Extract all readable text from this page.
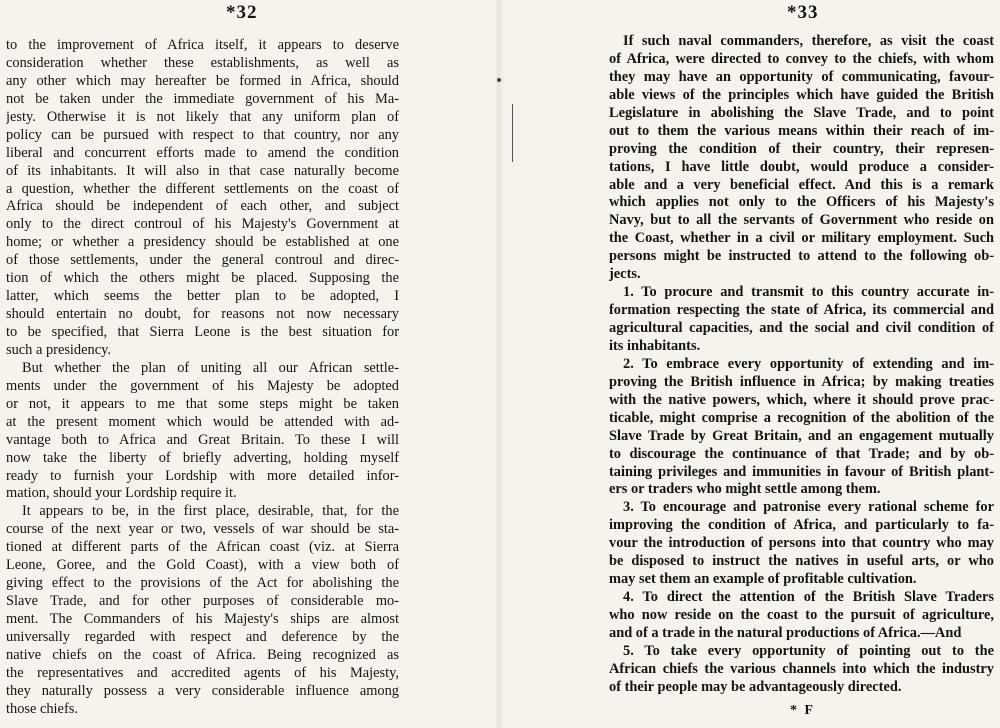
*32
to the improvement of Africa itself, it appears to deserve
consideration whether these establishments, as well as
any other which may hereafter be formed in Africa, should
not be taken under the immediate government of his Ma-
jesty. Otherwise it is not likely that any uniform plan of
policy can be pursued with respect to that country, nor any
liberal and concurrent efforts made to amend the condition
of its inhabitants. It will also in that case naturally become
a question, whether the different settlements on the coast of
Africa should be independent of each other, and subject
only to the direct controul of his Majesty's Government at
home; or whether a presidency should be established at one
of those settlements, under the general controul and direc-
tion of which the others might be placed. Supposing the
latter, which seems the better plan to be adopted, I
should entertain no doubt, for reasons not now necessary
to be specified, that Sierra Leone is the best situation for
such a presidency.
But whether the plan of uniting all our African settle-
ments under the government of his Majesty be adopted
or not, it appears to me that some steps might be taken
at the present moment which would be attended with ad-
vantage both to Africa and Great Britain. To these I will
now take the liberty of briefly adverting, holding myself
ready to furnish your Lordship with more detailed infor-
mation, should your Lordship require it.
It appears to be, in the first place, desirable, that, for the
course of the next year or two, vessels of war should be sta-
tioned at different parts of the African coast (viz. at Sierra
Leone, Goree, and the Gold Coast), with a view both of
giving effect to the provisions of the Act for abolishing the
Slave Trade, and for other purposes of considerable mo-
ment. The Commanders of his Majesty's ships are almost
universally regarded with respect and deference by the
native chiefs on the coast of Africa. Being recognized as
the representatives and accredited agents of his Majesty,
they naturally possess a very considerable influence among
those chiefs.
*33
If such naval commanders, therefore, as visit the coast
of Africa, were directed to convey to the chiefs, with whom
they may have an opportunity of communicating, favour-
able views of the principles which have guided the British
Legislature in abolishing the Slave Trade, and to point
out to them the various means within their reach of im-
proving the condition of their country, their represen-
tations, I have little doubt, would produce a consider-
able and a very beneficial effect. And this is a remark
which applies not only to the Officers of his Majesty's
Navy, but to all the servants of Government who reside on
the Coast, whether in a civil or military employment. Such
persons might be instructed to attend to the following ob-
jects.
1. To procure and transmit to this country accurate in-
formation respecting the state of Africa, its commercial and
agricultural capacities, and the social and civil condition of
its inhabitants.
2. To embrace every opportunity of extending and im-
proving the British influence in Africa; by making treaties
with the native powers, which, where it should prove prac-
ticable, might comprise a recognition of the abolition of the
Slave Trade by Great Britain, and an engagement mutually
to discourage the continuance of that Trade; and by ob-
taining privileges and immunities in favour of British plant-
ers or traders who might settle among them.
3. To encourage and patronise every rational scheme for
improving the condition of Africa, and particularly to fa-
vour the introduction of persons into that country who may
be disposed to instruct the natives in useful arts, or who
may set them an example of profitable cultivation.
4. To direct the attention of the British Slave Traders
who now reside on the coast to the pursuit of agriculture,
and of a trade in the natural productions of Africa.—And
5. To take every opportunity of pointing out to the
African chiefs the various channels into which the industry
of their people may be advantageously directed.
* F
